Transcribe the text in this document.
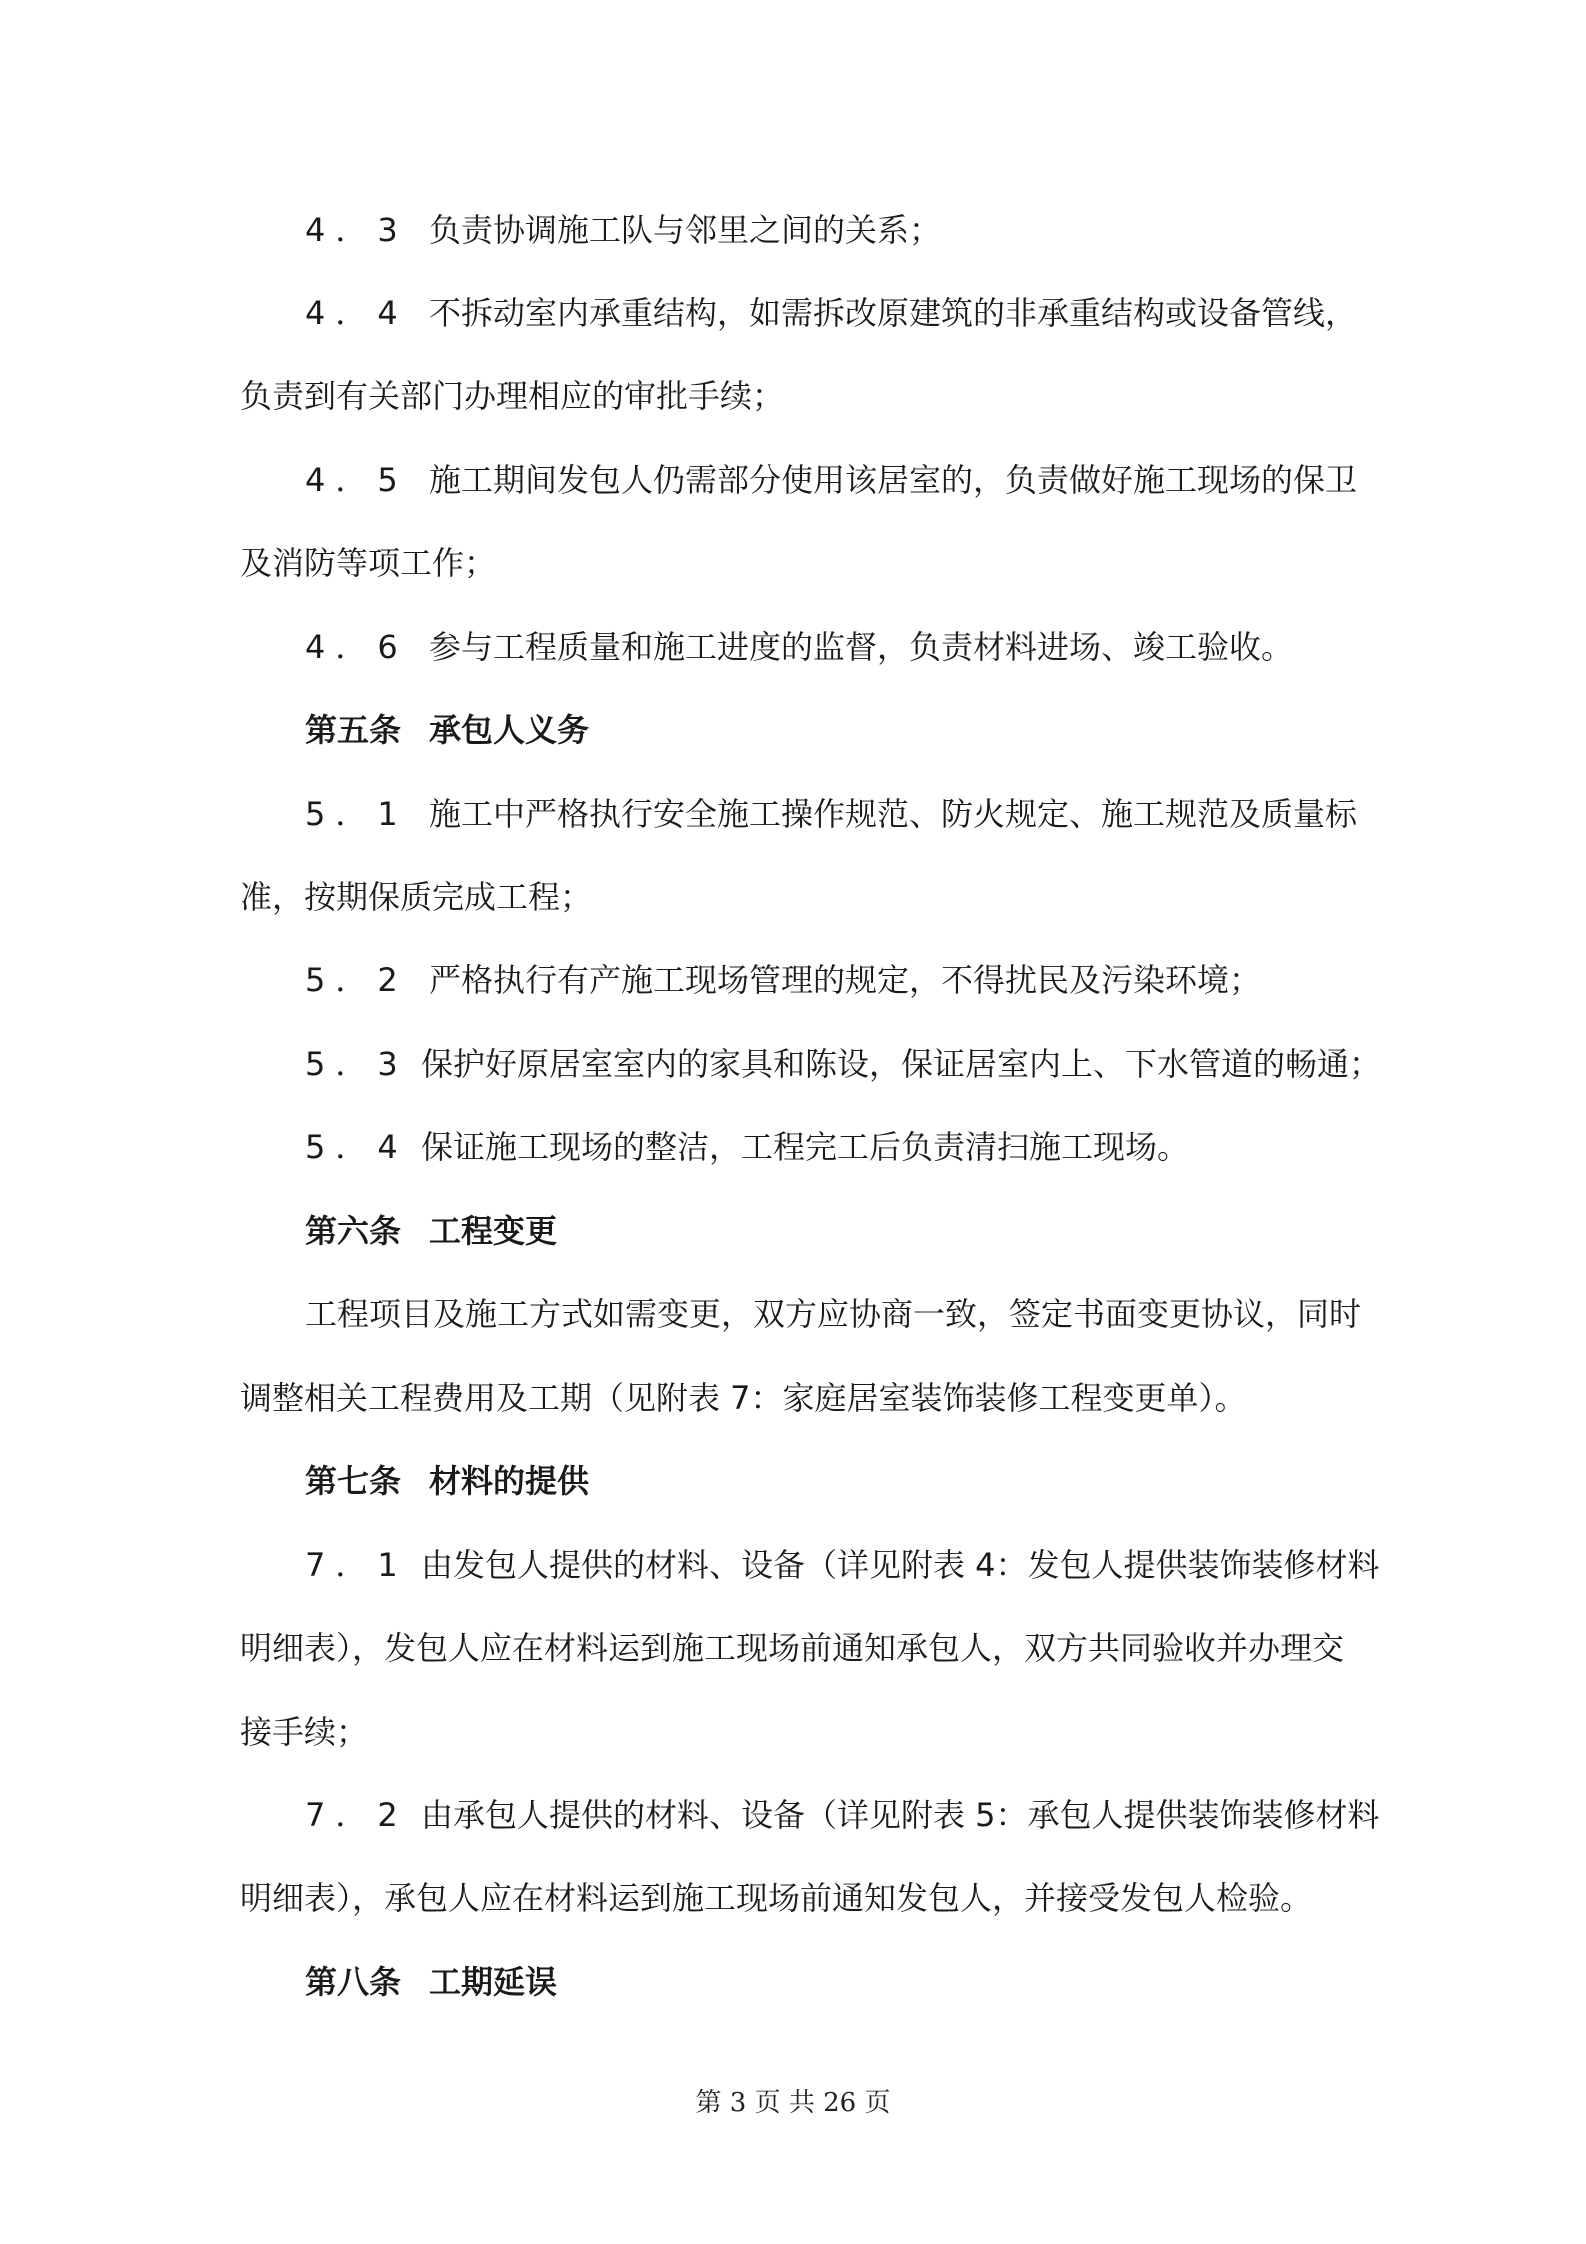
4．3 负责协调施工队与邻里之间的关系；
4．4 不拆动室内承重结构，如需拆改原建筑的非承重结构或设备管线，
负责到有关部门办理相应的审批手续；
4．5 施工期间发包人仍需部分使用该居室的，负责做好施工现场的保卫
及消防等项工作；
4．6 参与工程质量和施工进度的监督，负责材料进场、竣工验收。
第五条 承包人义务
5．1 施工中严格执行安全施工操作规范、防火规定、施工规范及质量标
准，按期保质完成工程；
5．2 严格执行有产施工现场管理的规定，不得扰民及污染环境；
5．3 保护好原居室室内的家具和陈设，保证居室内上、下水管道的畅通；
5．4 保证施工现场的整洁，工程完工后负责清扫施工现场。
第六条 工程变更
工程项目及施工方式如需变更，双方应协商一致，签定书面变更协议，同时
调整相关工程费用及工期（见附表 7：家庭居室装饰装修工程变更单）。
第七条 材料的提供
7．1 由发包人提供的材料、设备（详见附表 4：发包人提供装饰装修材料
明细表），发包人应在材料运到施工现场前通知承包人，双方共同验收并办理交
接手续；
7．2 由承包人提供的材料、设备（详见附表 5：承包人提供装饰装修材料
明细表），承包人应在材料运到施工现场前通知发包人，并接受发包人检验。
第八条 工期延误
第 3 页 共 26 页
